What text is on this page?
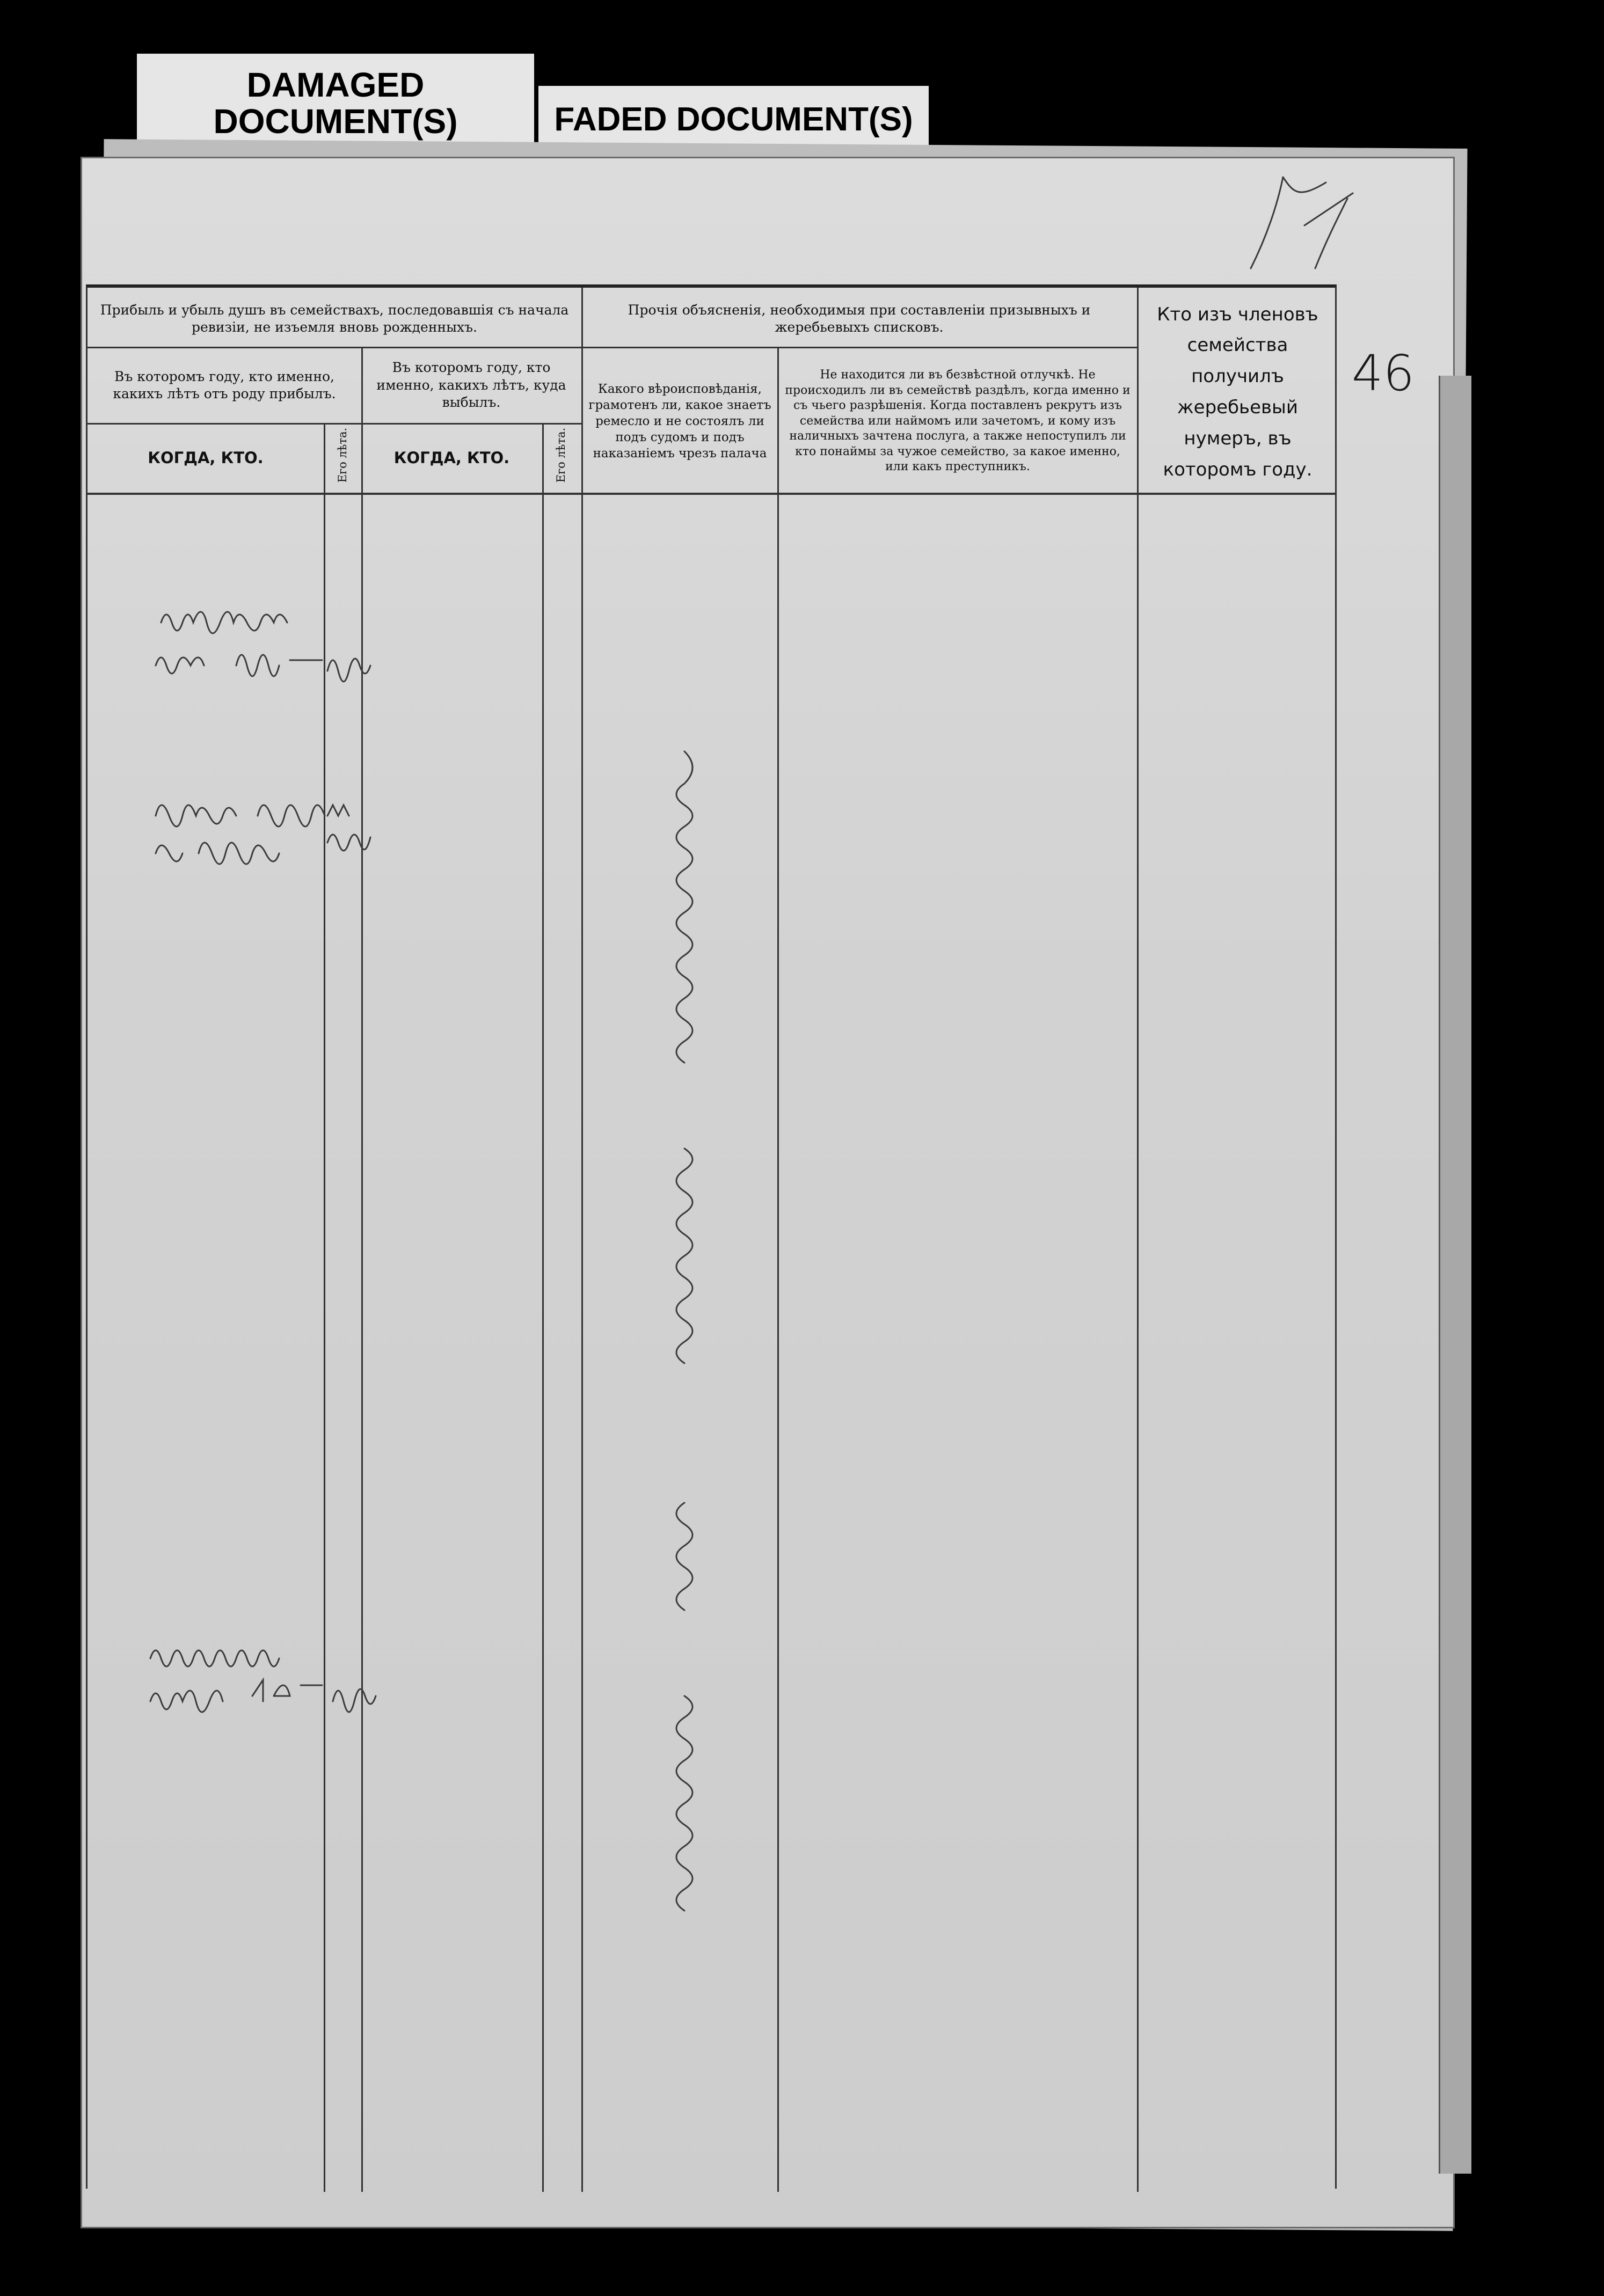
DAMAGED DOCUMENT(S)	FADED DOCUMENT(S)
46
Прибыль и убыль душъ въ семействахъ, последовавшiя съ начала ревизiи, не изъемля вновь рожденныхъ.
Прочiя объясненiя, необходимыя при составленiи призывныхъ и жеребьевыхъ списковъ.
Кто изъ членовъ семейства получилъ жеребьевый нумеръ, въ которомъ году.
Въ которомъ году, кто именно, какихъ лѣтъ отъ роду прибылъ.
Въ которомъ году, кто именно, какихъ лѣтъ, куда выбылъ.
Какого вѣроисповѣданiя, грамотенъ ли, какое знаетъ ремесло и не состоялъ ли подъ судомъ и подъ наказанiемъ чрезъ палача
Не находится ли въ безвѣстной отлучкѣ. Не происходилъ ли въ семействѣ раздѣлъ, когда именно и съ чьего разрѣшенiя. Когда поставленъ рекрутъ изъ семейства или наймомъ или зачетомъ, и кому изъ наличныхъ зачтена послуга, а также непоступилъ ли кто понаймы за чужое семейство, за какое именно, или какъ преступникъ.
КОГДА, КТО.	Его лѣта.	КОГДА, КТО.	Его лѣта.
